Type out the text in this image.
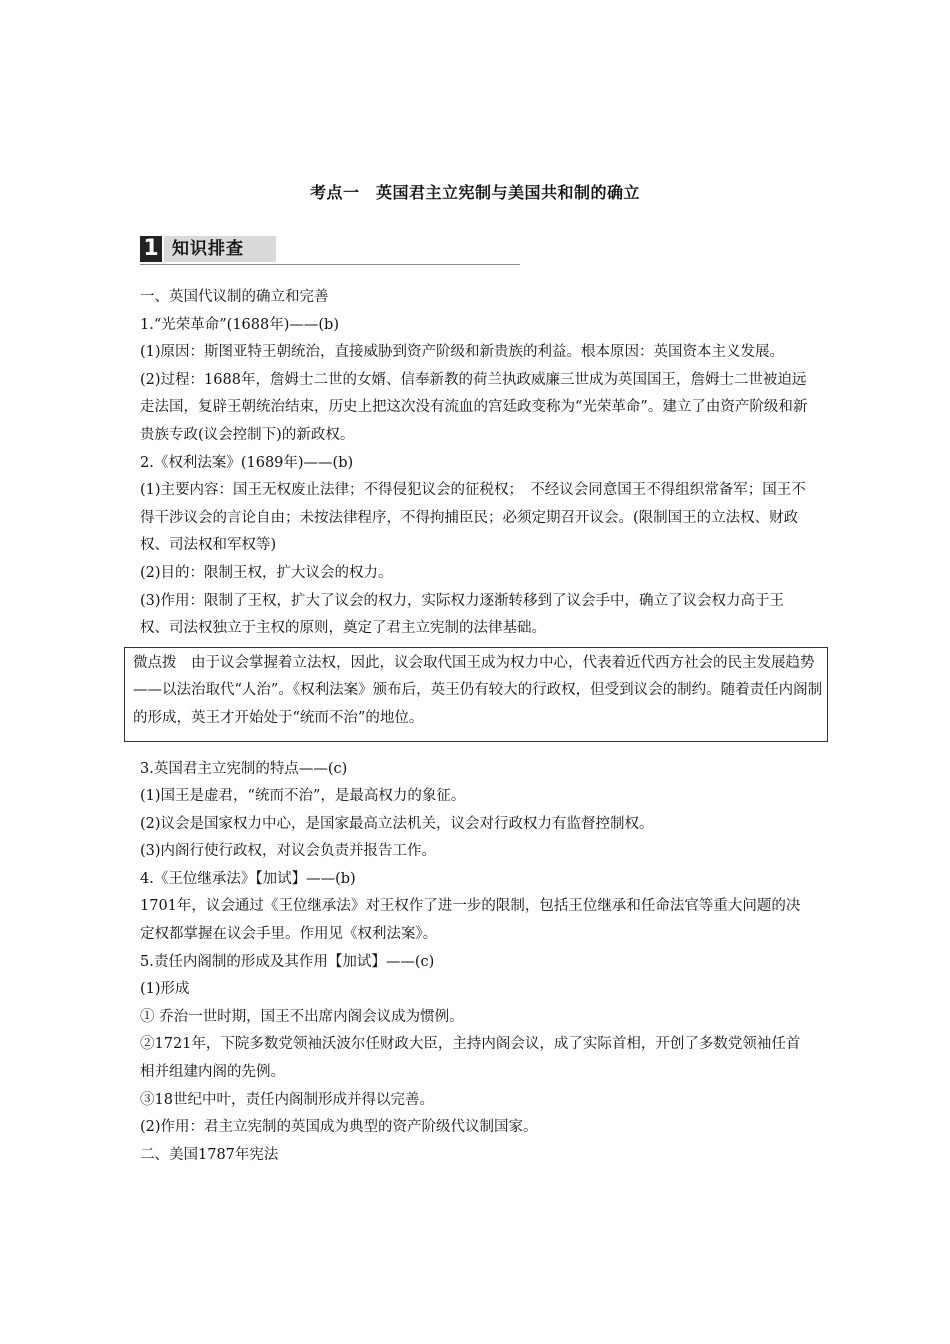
考点一　英国君主立宪制与美国共和制的确立
1 知识排查

一、英国代议制的确立和完善

1.“光荣革命”(1688年)——(b)

(1)原因：斯图亚特王朝统治，直接威胁到资产阶级和新贵族的利益。根本原因：英国资本主义发展。

(2)过程：1688年，詹姆士二世的女婿、信奉新教的荷兰执政威廉三世成为英国国王，詹姆士二世被迫远走法国，复辟王朝统治结束，历史上把这次没有流血的宫廷政变称为“光荣革命”。建立了由资产阶级和新贵族专政(议会控制下)的新政权。

2.《权利法案》(1689年)——(b)

(1)主要内容：国王无权废止法律；不得侵犯议会的征税权；　不经议会同意国王不得组织常备军；国王不得干涉议会的言论自由；未按法律程序，不得拘捕臣民；必须定期召开议会。(限制国王的立法权、财政权、司法权和军权等)

(2)目的：限制王权，扩大议会的权力。

(3)作用：限制了王权，扩大了议会的权力，实际权力逐渐转移到了议会手中，确立了议会权力高于王权、司法权独立于主权的原则，奠定了君主立宪制的法律基础。

微点拨　由于议会掌握着立法权，因此，议会取代国王成为权力中心，代表着近代西方社会的民主发展趋势——以法治取代“人治”。《权利法案》颁布后，英王仍有较大的行政权，但受到议会的制约。随着责任内阁制的形成，英王才开始处于“统而不治”的地位。

3.英国君主立宪制的特点——(c)

(1)国王是虚君，“统而不治”，是最高权力的象征。

(2)议会是国家权力中心，是国家最高立法机关，议会对行政权力有监督控制权。

(3)内阁行使行政权，对议会负责并报告工作。

4.《王位继承法》【加试】——(b)

1701年，议会通过《王位继承法》对王权作了进一步的限制，包括王位继承和任命法官等重大问题的决定权都掌握在议会手里。作用见《权利法案》。

5.责任内阁制的形成及其作用【加试】——(c)

(1)形成

① 乔治一世时期，国王不出席内阁会议成为惯例。

②1721年，下院多数党领袖沃波尔任财政大臣，主持内阁会议，成了实际首相，开创了多数党领袖任首相并组建内阁的先例。

③18世纪中叶，责任内阁制形成并得以完善。

(2)作用：君主立宪制的英国成为典型的资产阶级代议制国家。

二、美国1787年宪法
